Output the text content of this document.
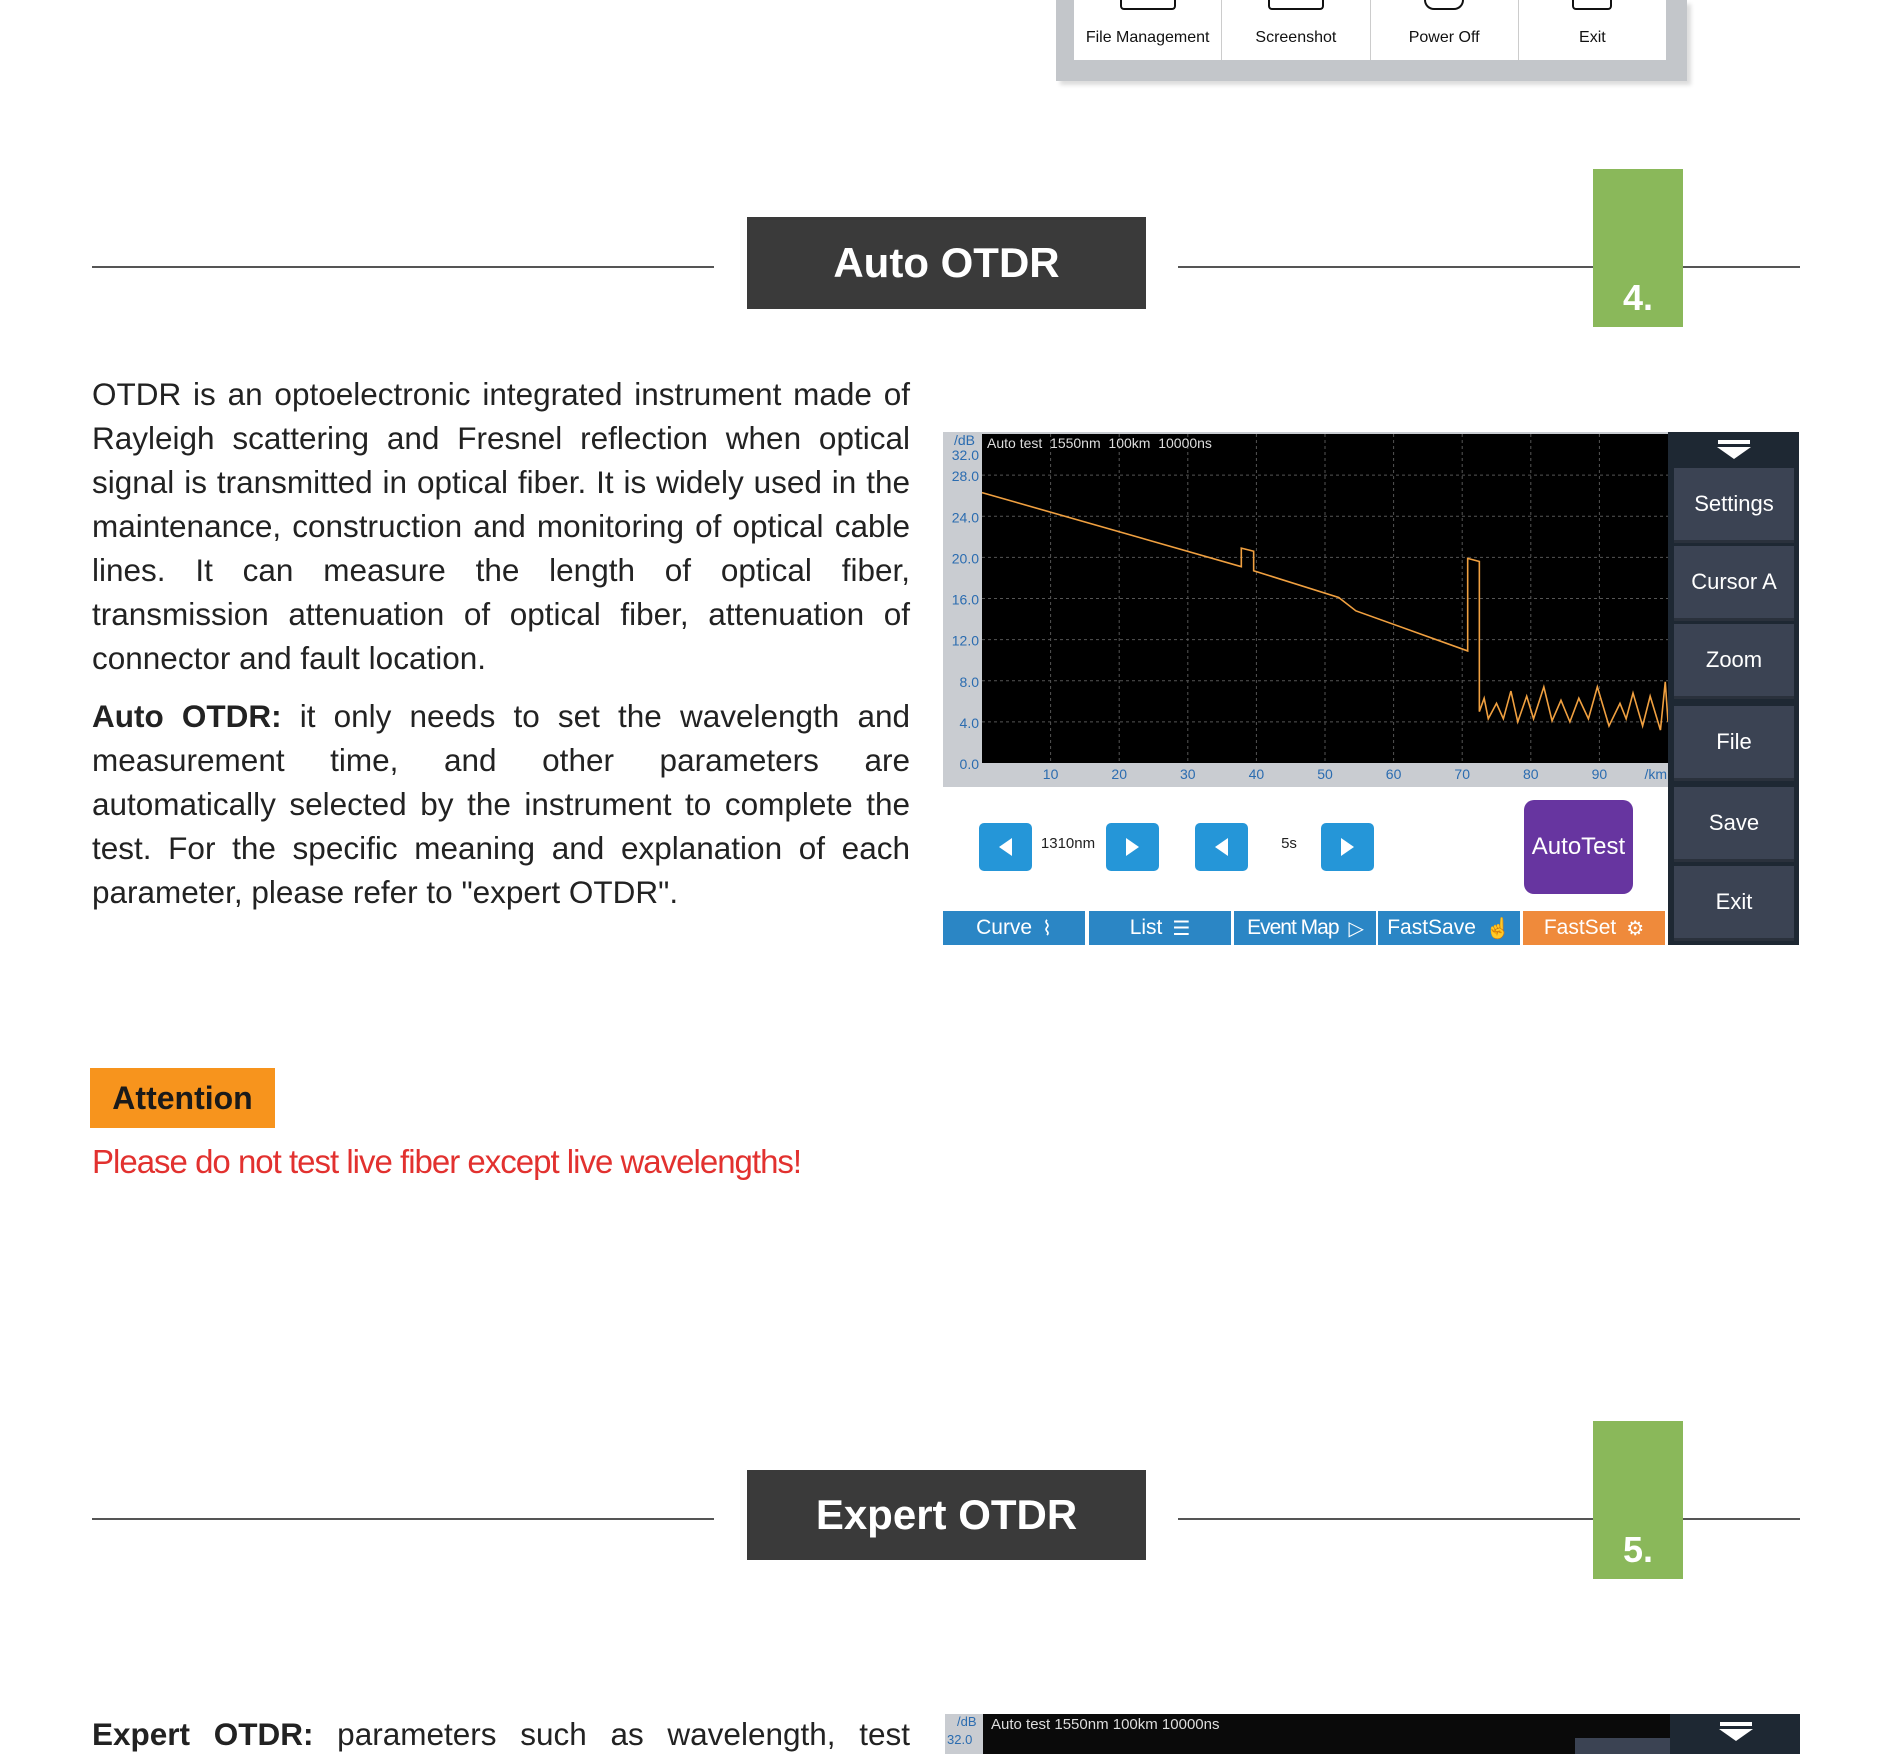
File Management	Screenshot	Power Off	Exit
Auto OTDR
4.

OTDR is an optoelectronic integrated instrument made of Rayleigh scattering and Fresnel reflection when optical signal is transmitted in optical fiber. It is widely used in the maintenance, construction and monitoring of optical cable lines. It can measure the length of optical fiber, transmission attenuation of optical fiber, attenuation of connector and fault location.

Auto OTDR: it only needs to set the wavelength and measurement time, and other parameters are automatically selected by the instrument to complete the test. For the specific meaning and explanation of each parameter, please refer to "expert OTDR".

0.0
4.0
8.0
12.0
16.0
20.0
24.0
28.0
32.0
10	20	30	40	50	60	70	80	90	/km
/dB Auto test  1550nm  100km  10000ns
Settings
Cursor A
Zoom
File
Save
Exit
1310nm	5s	AutoTest
Curve ⌇	List ☰	Event Map ▷ FastSave ☝ FastSet ⚙
Attention
Please do not test live fiber except live wavelengths!
Expert OTDR
5.
Expert OTDR: parameters such as wavelength, test	/dB
32.0
Auto test 1550nm 100km 10000ns
